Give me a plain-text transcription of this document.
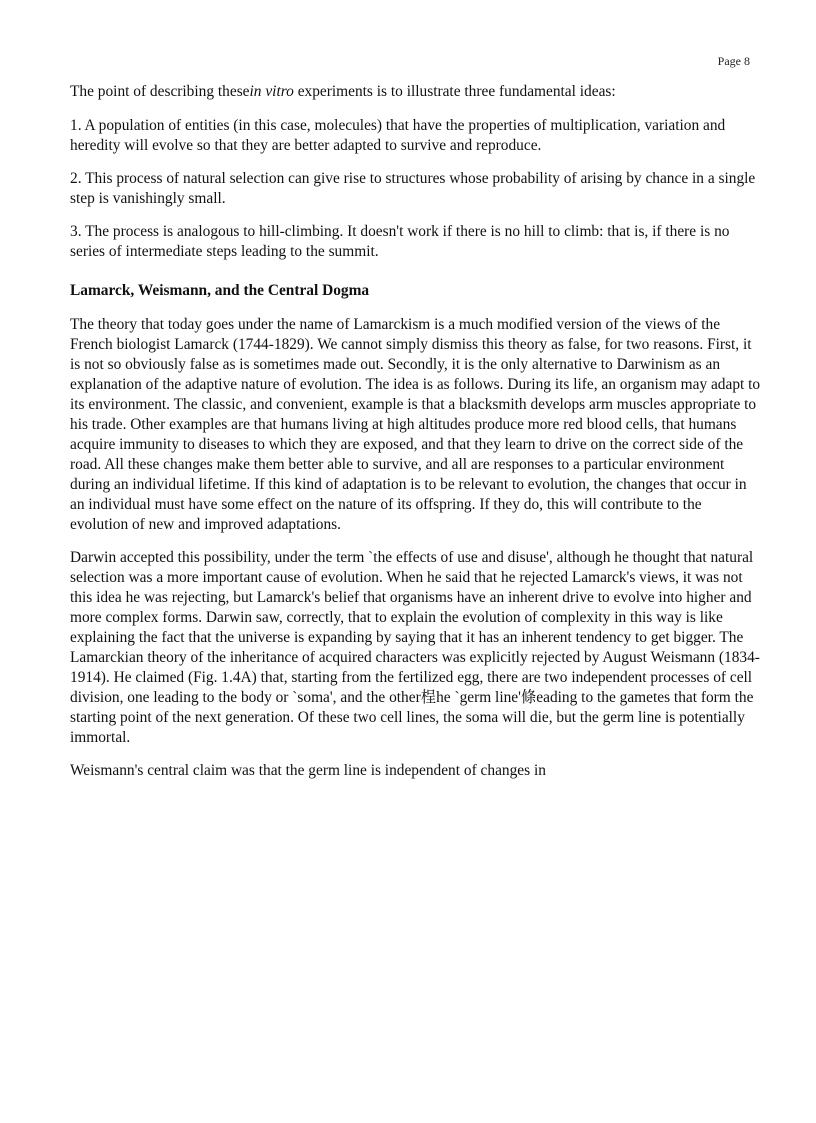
Page 8

The point of describing thesein vitro experiments is to illustrate three fundamental ideas:

1. A population of entities (in this case, molecules) that have the properties of multiplication, variation and heredity will evolve so that they are better adapted to survive and reproduce.

2. This process of natural selection can give rise to structures whose probability of arising by chance in a single step is vanishingly small.

3. The process is analogous to hill-climbing. It doesn't work if there is no hill to climb: that is, if there is no series of intermediate steps leading to the summit.

Lamarck, Weismann, and the Central Dogma

The theory that today goes under the name of Lamarckism is a much modified version of the views of the French biologist Lamarck (1744-1829). We cannot simply dismiss this theory as false, for two reasons. First, it is not so obviously false as is sometimes made out. Secondly, it is the only alternative to Darwinism as an explanation of the adaptive nature of evolution. The idea is as follows. During its life, an organism may adapt to its environment. The classic, and convenient, example is that a blacksmith develops arm muscles appropriate to his trade. Other examples are that humans living at high altitudes produce more red blood cells, that humans acquire immunity to diseases to which they are exposed, and that they learn to drive on the correct side of the road. All these changes make them better able to survive, and all are responses to a particular environment during an individual lifetime. If this kind of adaptation is to be relevant to evolution, the changes that occur in an individual must have some effect on the nature of its offspring. If they do, this will contribute to the evolution of new and improved adaptations.

Darwin accepted this possibility, under the term `the effects of use and disuse', although he thought that natural selection was a more important cause of evolution. When he said that he rejected Lamarck's views, it was not this idea he was rejecting, but Lamarck's belief that organisms have an inherent drive to evolve into higher and more complex forms. Darwin saw, correctly, that to explain the evolution of complexity in this way is like explaining the fact that the universe is expanding by saying that it has an inherent tendency to get bigger. The Lamarckian theory of the inheritance of acquired characters was explicitly rejected by August Weismann (1834-1914). He claimed (Fig. 1.4A) that, starting from the fertilized egg, there are two independent processes of cell division, one leading to the body or `soma', and the other桯he `germ line'條eading to the gametes that form the starting point of the next generation. Of these two cell lines, the soma will die, but the germ line is potentially immortal.

Weismann's central claim was that the germ line is independent of changes in
